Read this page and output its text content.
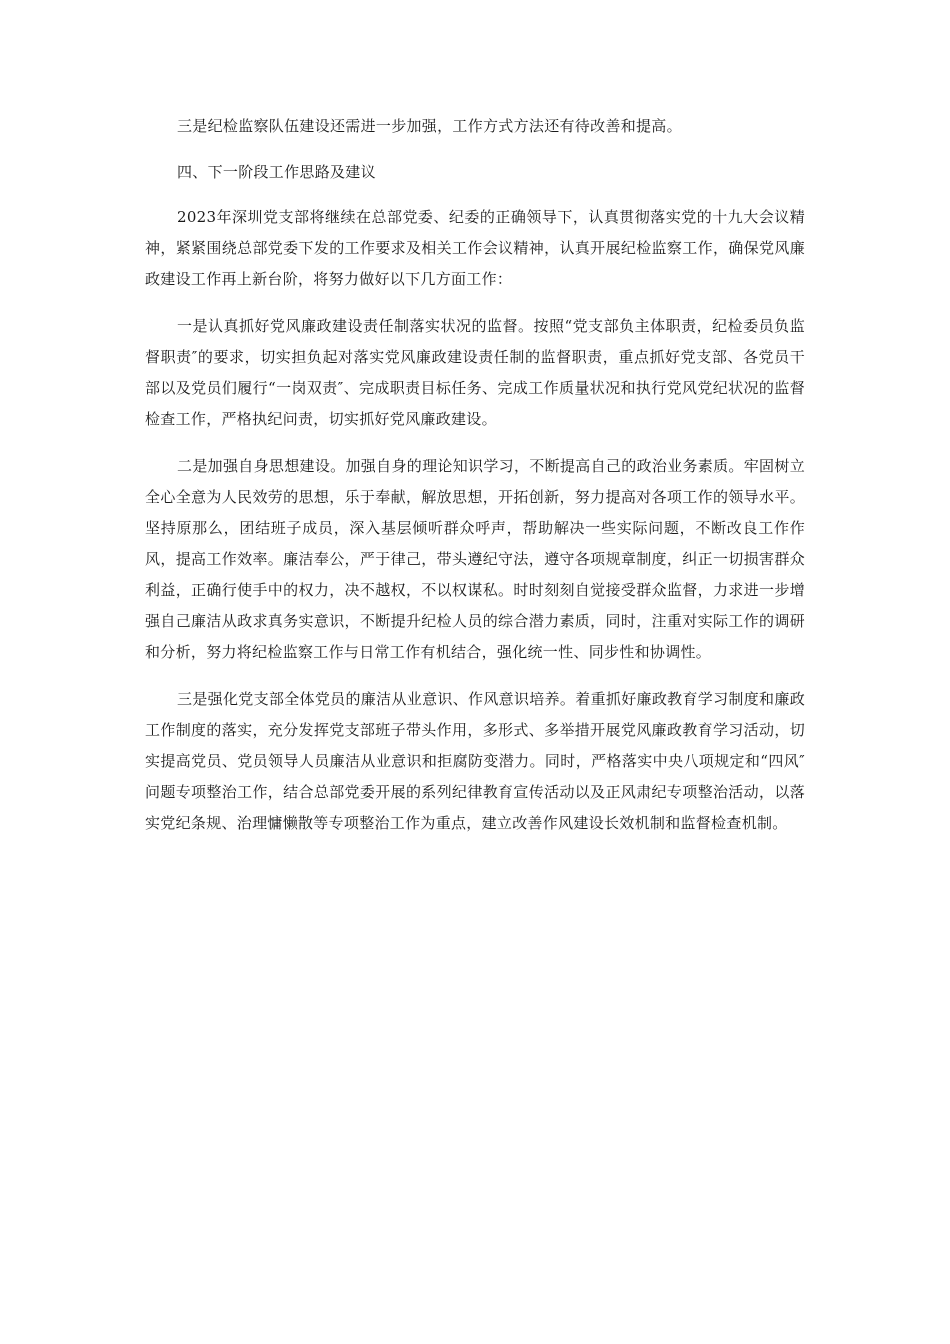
三是纪检监察队伍建设还需进一步加强，工作方式方法还有待改善和提高。

四、下一阶段工作思路及建议

2023年深圳党支部将继续在总部党委、纪委的正确领导下，认真贯彻落实党的十九大会议精神，紧紧围绕总部党委下发的工作要求及相关工作会议精神，认真开展纪检监察工作，确保党风廉政建设工作再上新台阶，将努力做好以下几方面工作：

一是认真抓好党风廉政建设责任制落实状况的监督。按照“党支部负主体职责，纪检委员负监督职责″的要求，切实担负起对落实党风廉政建设责任制的监督职责，重点抓好党支部、各党员干部以及党员们履行“一岗双责″、完成职责目标任务、完成工作质量状况和执行党风党纪状况的监督检查工作，严格执纪问责，切实抓好党风廉政建设。

二是加强自身思想建设。加强自身的理论知识学习，不断提高自己的政治业务素质。牢固树立全心全意为人民效劳的思想，乐于奉献，解放思想，开拓创新，努力提高对各项工作的领导水平。坚持原那么，团结班子成员，深入基层倾听群众呼声，帮助解决一些实际问题，不断改良工作作风，提高工作效率。廉洁奉公，严于律己，带头遵纪守法，遵守各项规章制度，纠正一切损害群众利益，正确行使手中的权力，决不越权，不以权谋私。时时刻刻自觉接受群众监督，力求进一步增强自己廉洁从政求真务实意识，不断提升纪检人员的综合潜力素质，同时，注重对实际工作的调研和分析，努力将纪检监察工作与日常工作有机结合，强化统一性、同步性和协调性。

三是强化党支部全体党员的廉洁从业意识、作风意识培养。着重抓好廉政教育学习制度和廉政工作制度的落实，充分发挥党支部班子带头作用，多形式、多举措开展党风廉政教育学习活动，切实提高党员、党员领导人员廉洁从业意识和拒腐防变潜力。同时，严格落实中央八项规定和“四风″问题专项整治工作，结合总部党委开展的系列纪律教育宣传活动以及正风肃纪专项整治活动，以落实党纪条规、治理慵懒散等专项整治工作为重点，建立改善作风建设长效机制和监督检查机制。
